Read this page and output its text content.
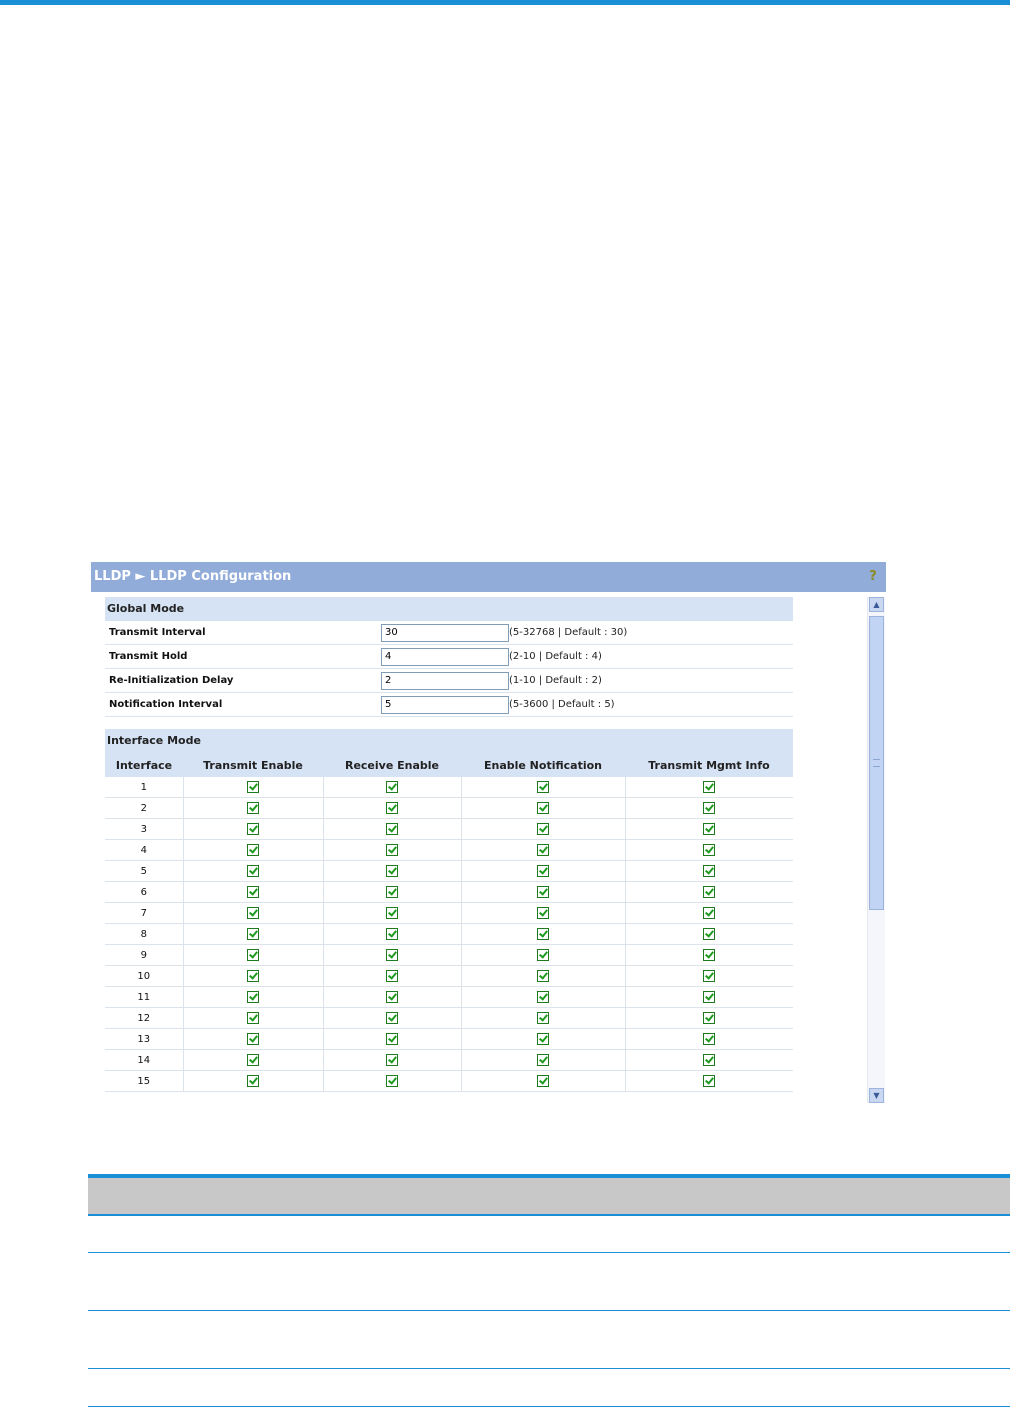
LLDP ► LLDP Configuration	?
Global Mode
Transmit Interval	30	(5-32768 | Default : 30)
Transmit Hold	4	(2-10 | Default : 4)
Re-Initialization Delay	2	(1-10 | Default : 2)
Notification Interval	5	(5-3600 | Default : 5)
Interface Mode
Interface	Transmit Enable	Receive Enable	Enable Notification	Transmit Mgmt Info
1				
2				
3				
4				
5				
6				
7				
8				
9				
10				
11				
12				
13				
14				
15				
▲
▼
